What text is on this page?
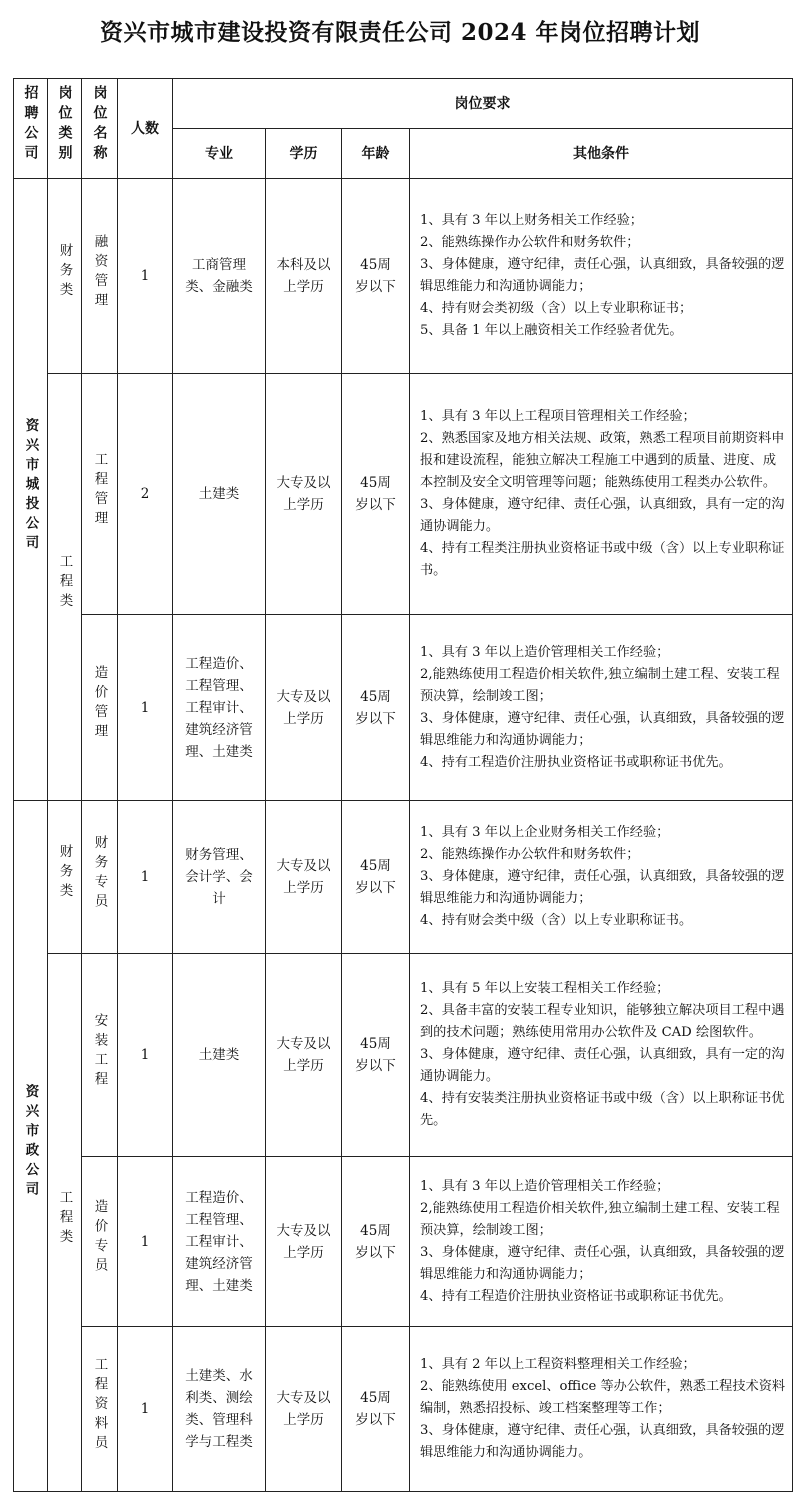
资兴市城市建设投资有限责任公司 2024 年岗位招聘计划
招聘公司	岗位类别	岗位名称	人数	岗位要求			
				专业	学历	年龄	其他条件
资兴市城投公司	财务类	融资管理	1	工商管理类、金融类	本科及以上学历	45周岁以下	1、具有 3 年以上财务相关工作经验；
2、能熟练操作办公软件和财务软件；
3、身体健康，遵守纪律，责任心强，认真细致，具备较强的逻辑思维能力和沟通协调能力；
4、持有财会类初级（含）以上专业职称证书；
5、具备 1 年以上融资相关工作经验者优先。

	工程类	工程管理	2	土建类	大专及以上学历	45周岁以下	1、具有 3 年以上工程项目管理相关工作经验；
2、熟悉国家及地方相关法规、政策，熟悉工程项目前期资料申报和建设流程，能独立解决工程施工中遇到的质量、进度、成本控制及安全文明管理等问题；能熟练使用工程类办公软件。
3、身体健康，遵守纪律、责任心强，认真细致，具有一定的沟通协调能力。
4、持有工程类注册执业资格证书或中级（含）以上专业职称证书。

		造价管理	1	工程造价、工程管理、工程审计、建筑经济管理、土建类	大专及以上学历	45周岁以下	1、具有 3 年以上造价管理相关工作经验；
2,能熟练使用工程造价相关软件,独立编制土建工程、安装工程预决算，绘制竣工图；
3、身体健康，遵守纪律、责任心强，认真细致，具备较强的逻辑思维能力和沟通协调能力；
4、持有工程造价注册执业资格证书或职称证书优先。

资兴市政公司	财务类	财务专员	1	财务管理、会计学、会计	大专及以上学历	45周岁以下	1、具有 3 年以上企业财务相关工作经验；
2、能熟练操作办公软件和财务软件；
3、身体健康，遵守纪律，责任心强，认真细致，具备较强的逻辑思维能力和沟通协调能力；
4、持有财会类中级（含）以上专业职称证书。

	工程类	安装工程	1	土建类	大专及以上学历	45周岁以下	1、具有 5 年以上安装工程相关工作经验；
2、具备丰富的安装工程专业知识，能够独立解决项目工程中遇到的技术问题；熟练使用常用办公软件及 CAD 绘图软件。
3、身体健康，遵守纪律、责任心强，认真细致，具有一定的沟通协调能力。
4、持有安装类注册执业资格证书或中级（含）以上职称证书优先。

		造价专员	1	工程造价、工程管理、工程审计、建筑经济管理、土建类	大专及以上学历	45周岁以下	1、具有 3 年以上造价管理相关工作经验；
2,能熟练使用工程造价相关软件,独立编制土建工程、安装工程预决算，绘制竣工图；
3、身体健康，遵守纪律、责任心强，认真细致，具备较强的逻辑思维能力和沟通协调能力；
4、持有工程造价注册执业资格证书或职称证书优先。

		工程资料员	1	土建类、水利类、测绘类、管理科学与工程类	大专及以上学历	45周岁以下	1、具有 2 年以上工程资料整理相关工作经验；
2、能熟练使用 excel、office 等办公软件，熟悉工程技术资料编制，熟悉招投标、竣工档案整理等工作；
3、身体健康，遵守纪律、责任心强，认真细致，具备较强的逻辑思维能力和沟通协调能力。
